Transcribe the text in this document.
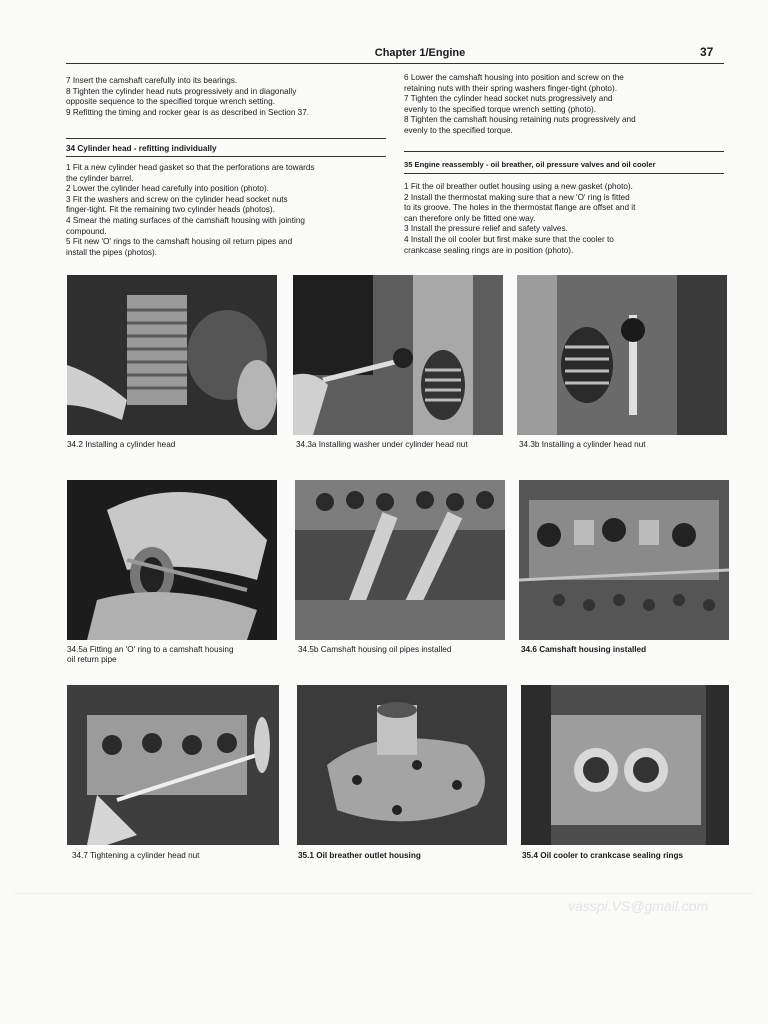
Chapter 1/Engine	37

7 Insert the camshaft carefully into its bearings.

8 Tighten the cylinder head nuts progressively and in diagonally

opposite sequence to the specified torque wrench setting.

9 Refitting the timing and rocker gear is as described in Section 37.

34 Cylinder head - refitting individually

1 Fit a new cylinder head gasket so that the perforations are towards

the cylinder barrel.

2 Lower the cylinder head carefully into position (photo).

3 Fit the washers and screw on the cylinder head socket nuts

finger-tight. Fit the remaining two cylinder heads (photos).

4 Smear the mating surfaces of the camshaft housing with jointing

compound.

5 Fit new 'O' rings to the camshaft housing oil return pipes and

install the pipes (photos).

6 Lower the camshaft housing into position and screw on the

retaining nuts with their spring washers finger-tight (photo).

7 Tighten the cylinder head socket nuts progressively and

evenly to the specified torque wrench setting (photo).

8 Tighten the camshaft housing retaining nuts progressively and

evenly to the specified torque.

35 Engine reassembly - oil breather, oil pressure valves and oil cooler

1 Fit the oil breather outlet housing using a new gasket (photo).

2 Install the thermostat making sure that a new 'O' ring is fitted

to its groove. The holes in the thermostat flange are offset and it

can therefore only be fitted one way.

3 Install the pressure relief and safety valves.

4 Install the oil cooler but first make sure that the cooler to

crankcase sealing rings are in position (photo).

34.2 Installing a cylinder head	34.3a Installing washer under cylinder head nut	34.3b Installing a cylinder head nut
34.5a Fitting an 'O' ring to a camshaft housing
oil return pipe
34.5b Camshaft housing oil pipes installed	34.6 Camshaft housing installed
34.7 Tightening a cylinder head nut	35.1 Oil breather outlet housing	35.4 Oil cooler to crankcase sealing rings
vasspi.VS@gmail.com
